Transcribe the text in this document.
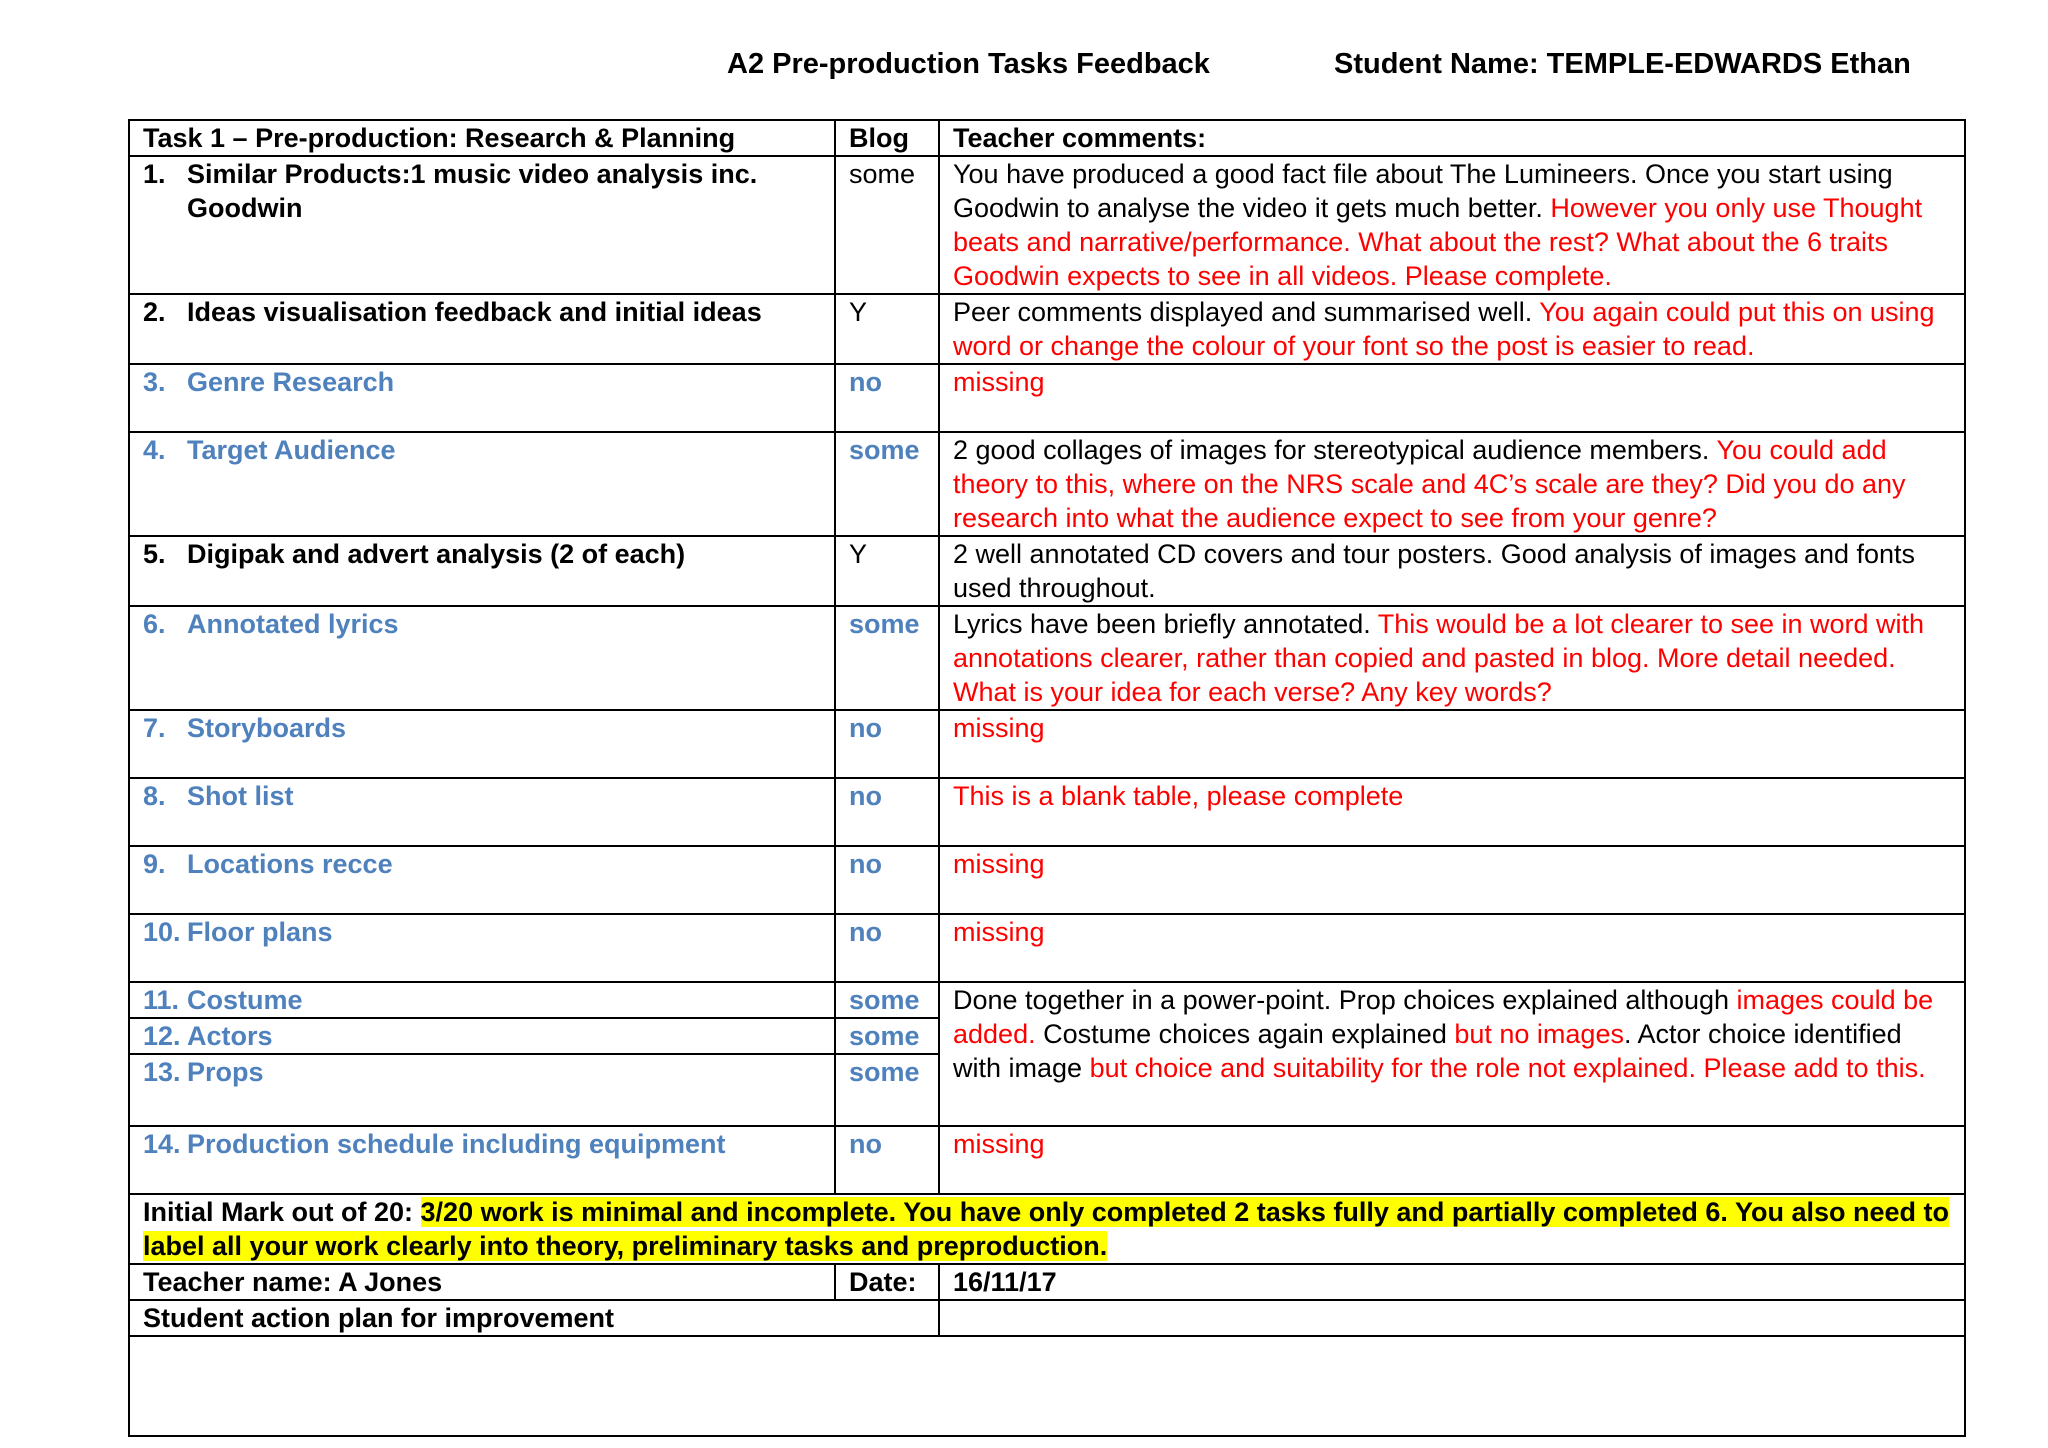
A2 Pre-production Tasks Feedback	Student Name: TEMPLE-EDWARDS Ethan
Task 1 – Pre-production: Research & Planning	Blog	Teacher comments:

1. Similar Products:1 music video analysis inc. Goodwin	some	You have produced a good fact file about The Lumineers. Once you start using Goodwin to analyse the video it gets much better. However you only use Thought beats and narrative/performance. What about the rest? What about the 6 traits Goodwin expects to see in all videos. Please complete.

2. Ideas visualisation feedback and initial ideas	Y	Peer comments displayed and summarised well. You again could put this on using word or change the colour of your font so the post is easier to read.

3. Genre Research	no	missing

4. Target Audience	some	2 good collages of images for stereotypical audience members. You could add theory to this, where on the NRS scale and 4C’s scale are they? Did you do any research into what the audience expect to see from your genre?

5. Digipak and advert analysis (2 of each)	Y	2 well annotated CD covers and tour posters. Good analysis of images and fonts used throughout.

6. Annotated lyrics	some	Lyrics have been briefly annotated. This would be a lot clearer to see in word with annotations clearer, rather than copied and pasted in blog. More detail needed. What is your idea for each verse? Any key words?

7. Storyboards	no	missing

8. Shot list	no	This is a blank table, please complete

9. Locations recce	no	missing

10. Floor plans	no	missing

11. Costume	some	Done together in a power-point. Prop choices explained although images could be added. Costume choices again explained but no images. Actor choice identified with image but choice and suitability for the role not explained. Please add to this.

12. Actors	some	

13. Props	some	

14. Production schedule including equipment	no	missing
Initial Mark out of 20: 3/20 work is minimal and incomplete. You have only completed 2 tasks fully and partially completed 6. You also need to label all your work clearly into theory, preliminary tasks and preproduction.		
Teacher name: A Jones	Date:	16/11/17
Student action plan for improvement		
